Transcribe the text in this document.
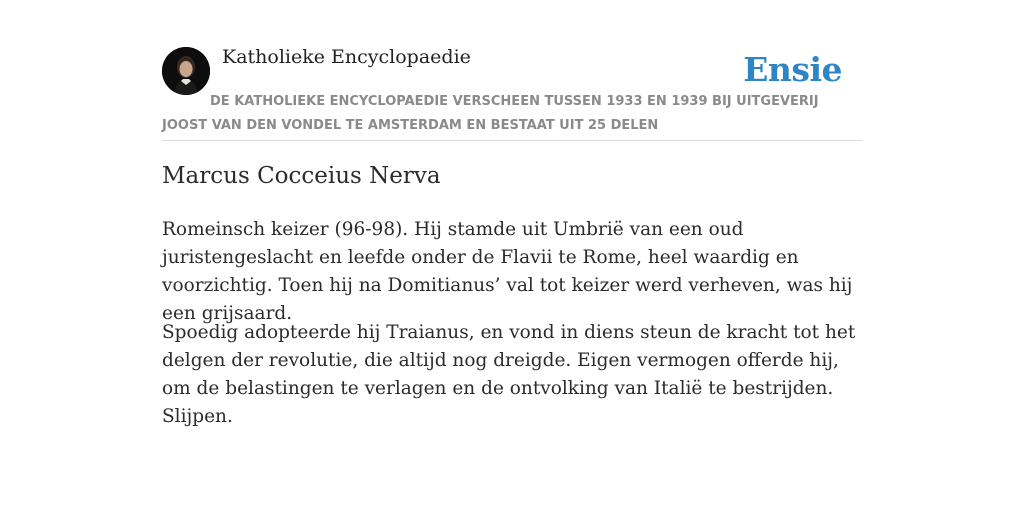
Katholieke Encyclopaedie	Ensie
DE KATHOLIEKE ENCYCLOPAEDIE VERSCHEEN TUSSEN 1933 EN 1939 BIJ UITGEVERIJ JOOST VAN DEN VONDEL TE AMSTERDAM EN BESTAAT UIT 25 DELEN
Marcus Cocceius Nerva

Romeinsch keizer (96-98). Hij stamde uit Umbrië van een oud juristengeslacht en leefde onder de Flavii te Rome, heel waardig en voorzichtig. Toen hij na Domitianus’ val tot keizer werd verheven, was hij een grijsaard.

Spoedig adopteerde hij Traianus, en vond in diens steun de kracht tot het delgen der revolutie, die altijd nog dreigde. Eigen vermogen offerde hij, om de belastingen te verlagen en de ontvolking van Italië te bestrijden. Slijpen.
